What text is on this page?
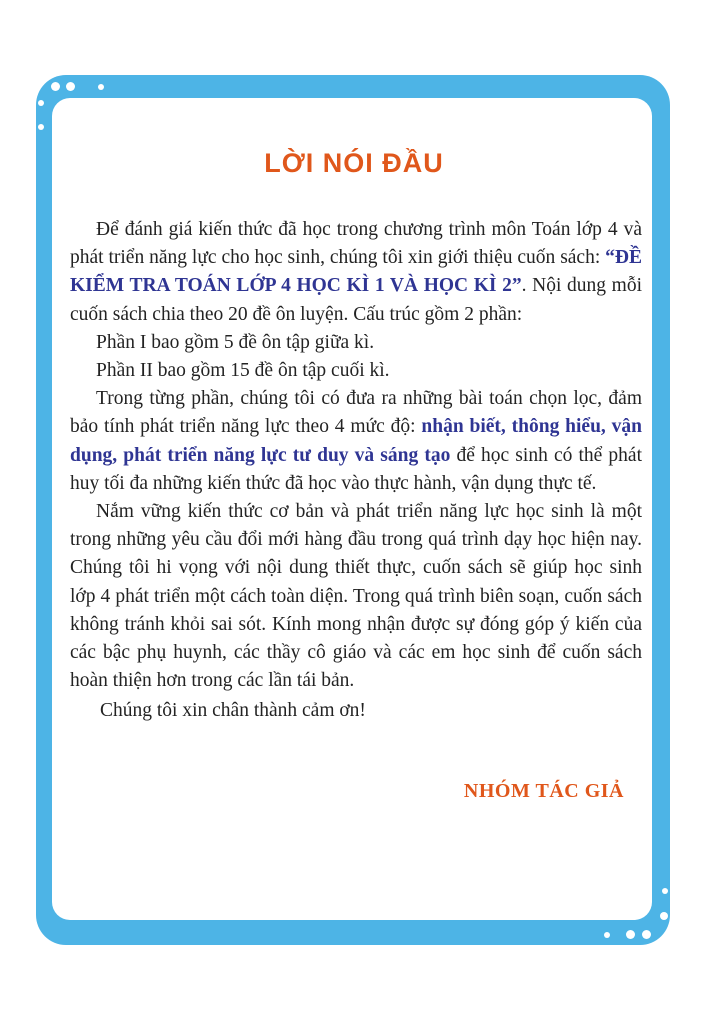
LỜI NÓI ĐẦU

Để đánh giá kiến thức đã học trong chương trình môn Toán lớp 4 và phát triển năng lực cho học sinh, chúng tôi xin giới thiệu cuốn sách: “ĐỀ KIỂM TRA TOÁN LỚP 4 HỌC KÌ 1 VÀ HỌC KÌ 2”. Nội dung mỗi cuốn sách chia theo 20 đề ôn luyện. Cấu trúc gồm 2 phần:

Phần I bao gồm 5 đề ôn tập giữa kì.

Phần II bao gồm 15 đề ôn tập cuối kì.

Trong từng phần, chúng tôi có đưa ra những bài toán chọn lọc, đảm bảo tính phát triển năng lực theo 4 mức độ: nhận biết, thông hiểu, vận dụng, phát triển năng lực tư duy và sáng tạo để học sinh có thể phát huy tối đa những kiến thức đã học vào thực hành, vận dụng thực tế.

Nắm vững kiến thức cơ bản và phát triển năng lực học sinh là một trong những yêu cầu đổi mới hàng đầu trong quá trình dạy học hiện nay. Chúng tôi hi vọng với nội dung thiết thực, cuốn sách sẽ giúp học sinh lớp 4 phát triển một cách toàn diện. Trong quá trình biên soạn, cuốn sách không tránh khỏi sai sót. Kính mong nhận được sự đóng góp ý kiến của các bậc phụ huynh, các thầy cô giáo và các em học sinh để cuốn sách hoàn thiện hơn trong các lần tái bản.

Chúng tôi xin chân thành cảm ơn!

NHÓM TÁC GIẢ
